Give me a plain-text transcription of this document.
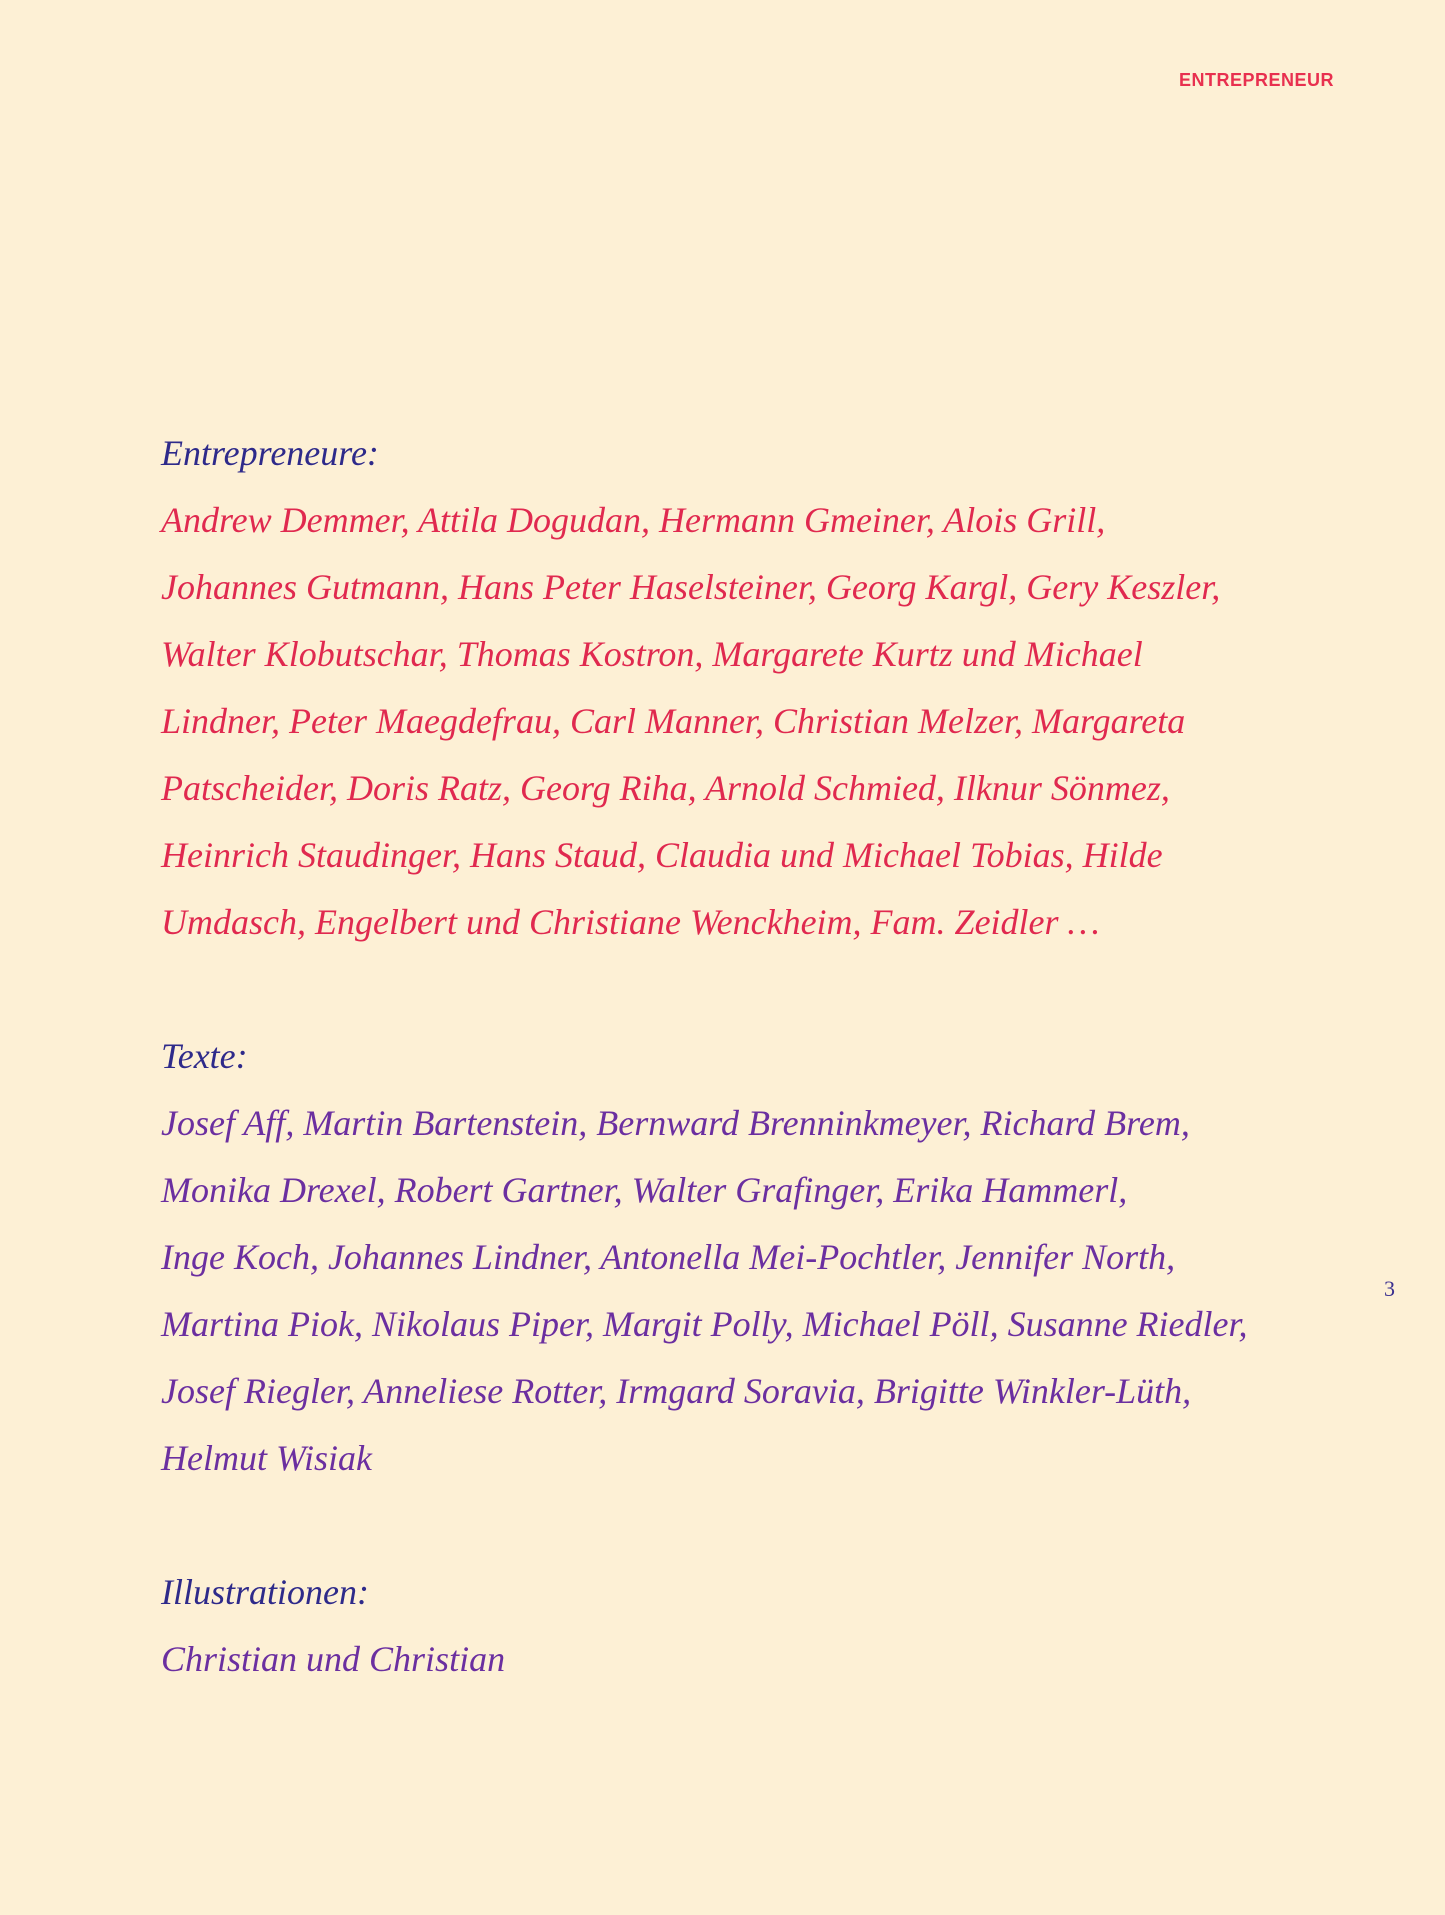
ENTREPRENEUR
3
Entrepreneure:
Andrew Demmer, Attila Dogudan, Hermann Gmeiner, Alois Grill,
Johannes Gutmann, Hans Peter Haselsteiner, Georg Kargl, Gery Keszler,
Walter Klobutschar, Thomas Kostron, Margarete Kurtz und Michael
Lindner, Peter Maegdefrau, Carl Manner, Christian Melzer, Margareta
Patscheider, Doris Ratz, Georg Riha, Arnold Schmied, Ilknur Sönmez,
Heinrich Staudinger, Hans Staud, Claudia und Michael Tobias, Hilde
Umdasch, Engelbert und Christiane Wenckheim, Fam. Zeidler …
Texte:
Josef Aff, Martin Bartenstein, Bernward Brenninkmeyer, Richard Brem,
Monika Drexel, Robert Gartner, Walter Grafinger, Erika Hammerl,
Inge Koch, Johannes Lindner, Antonella Mei-Pochtler, Jennifer North,
Martina Piok, Nikolaus Piper, Margit Polly, Michael Pöll, Susanne Riedler,
Josef Riegler, Anneliese Rotter, Irmgard Soravia, Brigitte Winkler-Lüth,
Helmut Wisiak
Illustrationen:
Christian und Christian
